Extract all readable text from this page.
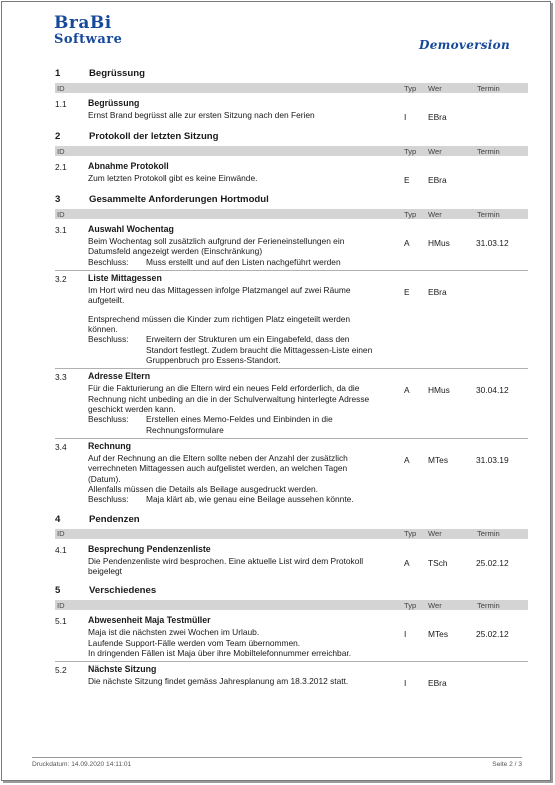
BraBi
Software	Demoversion
1	Begrüssung
ID	Typ	Wer	Termin
1.1	Begrüssung

Ernst Brand begrüsst alle zur ersten Sitzung nach den Ferien	I	EBra
2	Protokoll der letzten Sitzung
ID	Typ	Wer	Termin
2.1	Abnahme Protokoll

Zum letzten Protokoll gibt es keine Einwände.	E	EBra
3	Gesammelte Anforderungen Hortmodul
ID	Typ	Wer	Termin
3.1	Auswahl Wochentag

Beim Wochentag soll zusätzlich aufgrund der Ferieneinstellungen ein

Datumsfeld angezeigt werden (Einschränkung)

Beschluss:	Muss erstellt und auf den Listen nachgeführt werden
A	HMus	31.03.12
3.2	Liste Mittagessen

Im Hort wird neu das Mittagessen infolge Platzmangel auf zwei Räume

aufgeteilt.

Entsprechend müssen die Kinder zum richtigen Platz eingeteilt werden

können.

Beschluss:	Erweitern der Strukturen um ein Eingabefeld, dass den
Standort festlegt. Zudem braucht die Mittagessen-Liste einen
Gruppenbruch pro Essens-Standort.
E	EBra
3.3	Adresse Eltern

Für die Fakturierung an die Eltern wird ein neues Feld erforderlich, da die

Rechnung nicht unbeding an die in der Schulverwaltung hinterlegte Adresse

geschickt werden kann.

Beschluss:	Erstellen eines Memo-Feldes und Einbinden in die
Rechnungsformulare
A	HMus	30.04.12
3.4	Rechnung

Auf der Rechnung an die Eltern sollte neben der Anzahl der zusätzlich

verrechneten Mittagessen auch aufgelistet werden, an welchen Tagen

(Datum).

Allenfalls müssen die Details als Beilage ausgedruckt werden.

Beschluss:	Maja klärt ab, wie genau eine Beilage aussehen könnte.
A	MTes	31.03.19
4	Pendenzen
ID	Typ	Wer	Termin
4.1	Besprechung Pendenzenliste

Die Pendenzenliste wird besprochen. Eine aktuelle List wird dem Protokoll

beigelegt

A	TSch	25.02.12
5	Verschiedenes
ID	Typ	Wer	Termin
5.1	Abwesenheit Maja Testmüller

Maja ist die nächsten zwei Wochen im Urlaub.

Laufende Support-Fälle werden vom Team übernommen.

In dringenden Fällen ist Maja über ihre Mobiltelefonnummer erreichbar.

I	MTes	25.02.12
5.2	Nächste Sitzung

Die nächste Sitzung findet gemäss Jahresplanung am 18.3.2012 statt.	I	EBra
Druckdatum: 14.09.2020 14:11:01	Seite 2 / 3
